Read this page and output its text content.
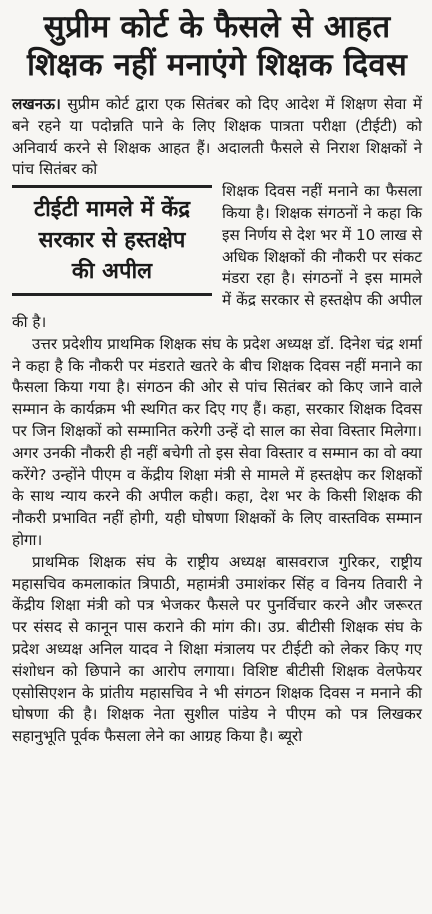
सुप्रीम कोर्ट के फैसले से आहत
शिक्षक नहीं मनाएंगे शिक्षक दिवस

लखनऊ। सुप्रीम कोर्ट द्वारा एक सितंबर को दिए आदेश में शिक्षण सेवा में बने रहने या पदोन्नति पाने के लिए शिक्षक पात्रता परीक्षा (टीईटी) को अनिवार्य करने से शिक्षक आहत हैं। अदालती फैसले से निराश शिक्षकों ने पांच सितंबर को

टीईटी मामले में केंद्र
सरकार से हस्तक्षेप
की अपील

शिक्षक दिवस नहीं मनाने का फैसला किया है। शिक्षक संगठनों ने कहा कि इस निर्णय से देश भर में 10 लाख से अधिक शिक्षकों की नौकरी पर संकट मंडरा रहा है। संगठनों ने इस मामले में केंद्र सरकार से हस्तक्षेप की अपील की है।

उत्तर प्रदेशीय प्राथमिक शिक्षक संघ के प्रदेश अध्यक्ष डॉ. दिनेश चंद्र शर्मा ने कहा है कि नौकरी पर मंडराते खतरे के बीच शिक्षक दिवस नहीं मनाने का फैसला किया गया है। संगठन की ओर से पांच सितंबर को किए जाने वाले सम्मान के कार्यक्रम भी स्थगित कर दिए गए हैं। कहा, सरकार शिक्षक दिवस पर जिन शिक्षकों को सम्मानित करेगी उन्हें दो साल का सेवा विस्तार मिलेगा। अगर उनकी नौकरी ही नहीं बचेगी तो इस सेवा विस्तार व सम्मान का वो क्या करेंगे? उन्होंने पीएम व केंद्रीय शिक्षा मंत्री से मामले में हस्तक्षेप कर शिक्षकों के साथ न्याय करने की अपील कही। कहा, देश भर के किसी शिक्षक की नौकरी प्रभावित नहीं होगी, यही घोषणा शिक्षकों के लिए वास्तविक सम्मान होगा।

प्राथमिक शिक्षक संघ के राष्ट्रीय अध्यक्ष बासवराज गुरिकर, राष्ट्रीय महासचिव कमलाकांत त्रिपाठी, महामंत्री उमाशंकर सिंह व विनय तिवारी ने केंद्रीय शिक्षा मंत्री को पत्र भेजकर फैसले पर पुनर्विचार करने और जरूरत पर संसद से कानून पास कराने की मांग की। उप्र. बीटीसी शिक्षक संघ के प्रदेश अध्यक्ष अनिल यादव ने शिक्षा मंत्रालय पर टीईटी को लेकर किए गए संशोधन को छिपाने का आरोप लगाया। विशिष्ट बीटीसी शिक्षक वेलफेयर एसोसिएशन के प्रांतीय महासचिव ने भी संगठन शिक्षक दिवस न मनाने की घोषणा की है। शिक्षक नेता सुशील पांडेय ने पीएम को पत्र लिखकर सहानुभूति पूर्वक फैसला लेने का आग्रह किया है। ब्यूरो
